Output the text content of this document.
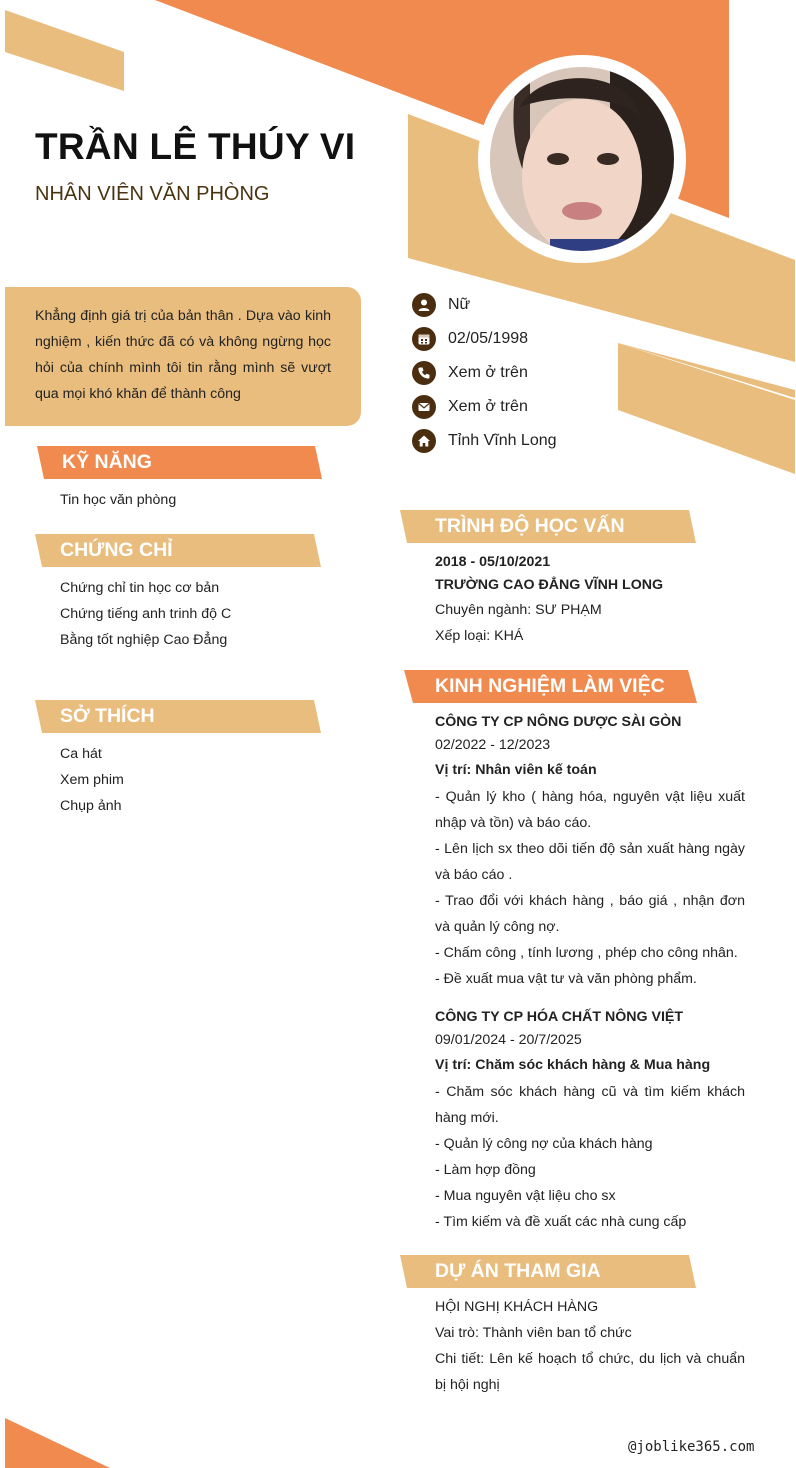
TRẦN LÊ THÚY VI
NHÂN VIÊN VĂN PHÒNG
Khẳng định giá trị của bản thân . Dựa vào kinh nghiệm , kiến thức đã có và không ngừng học hỏi của chính mình tôi tin rằng mình sẽ vượt qua mọi khó khăn để thành công
Nữ
02/05/1998
Xem ở trên
Xem ở trên
Tỉnh Vĩnh Long
KỸ NĂNG
Tin học văn phòng
CHỨNG CHỈ
Chứng chỉ tin học cơ bản
Chứng tiếng anh trinh độ C
Bằng tốt nghiệp Cao Đẳng
SỞ THÍCH
Ca hát
Xem phim
Chụp ảnh
TRÌNH ĐỘ HỌC VẤN
2018 - 05/10/2021
TRƯỜNG CAO ĐẲNG VĨNH LONG
Chuyên ngành: SƯ PHẠM
Xếp loại: KHÁ
KINH NGHIỆM LÀM VIỆC
CÔNG TY CP NÔNG DƯỢC SÀI GÒN
02/2022 - 12/2023
Vị trí: Nhân viên kế toán
- Quản lý kho ( hàng hóa, nguyên vật liệu xuất nhập và tồn) và báo cáo.
- Lên lịch sx theo dõi tiến độ sản xuất hàng ngày và báo cáo .
- Trao đổi với khách hàng , báo giá , nhận đơn và quản lý công nợ.
- Chấm công , tính lương , phép cho công nhân.
- Đề xuất mua vật tư và văn phòng phẩm.
CÔNG TY CP HÓA CHẤT NÔNG VIỆT
09/01/2024 - 20/7/2025
Vị trí: Chăm sóc khách hàng & Mua hàng
- Chăm sóc khách hàng cũ và tìm kiếm khách hàng mới.
- Quản lý công nợ của khách hàng
- Làm hợp đồng
- Mua nguyên vật liệu cho sx
- Tìm kiếm và đề xuất các nhà cung cấp
DỰ ÁN THAM GIA
HỘI NGHỊ KHÁCH HÀNG
Vai trò: Thành viên ban tổ chức
Chi tiết: Lên kế hoạch tổ chức, du lịch và chuẩn bị hội nghị
@joblike365.com
